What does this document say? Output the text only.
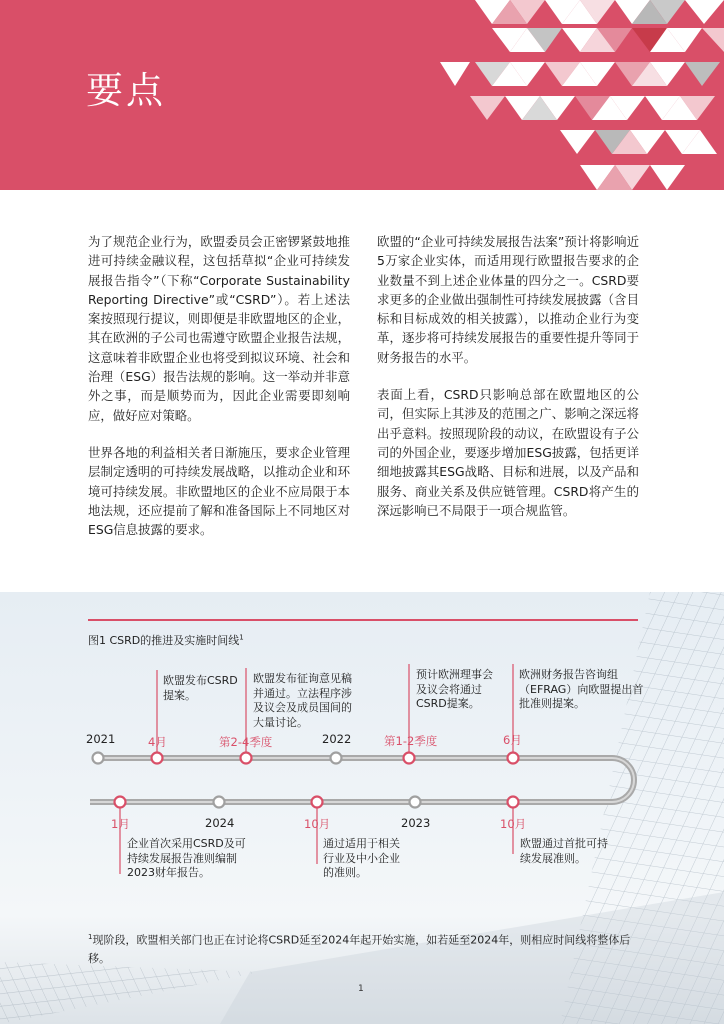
要点

为了规范企业行为，欧盟委员会正密锣紧鼓地推进可持续金融议程，这包括草拟“企业可持续发展报告指令”（下称“Corporate Sustainability Reporting Directive”或“CSRD”）。若上述法案按照现行提议，则即便是非欧盟地区的企业，其在欧洲的子公司也需遵守欧盟企业报告法规，这意味着非欧盟企业也将受到拟议环境、社会和治理（ESG）报告法规的影响。这一举动并非意外之事，而是顺势而为，因此企业需要即刻响应，做好应对策略。

世界各地的利益相关者日渐施压，要求企业管理层制定透明的可持续发展战略，以推动企业和环境可持续发展。非欧盟地区的企业不应局限于本地法规，还应提前了解和准备国际上不同地区对ESG信息披露的要求。

欧盟的“企业可持续发展报告法案”预计将影响近5万家企业实体，而适用现行欧盟报告要求的企业数量不到上述企业体量的四分之一。CSRD要求更多的企业做出强制性可持续发展披露（含目标和目标成效的相关披露），以推动企业行为变革，逐步将可持续发展报告的重要性提升等同于财务报告的水平。

表面上看，CSRD只影响总部在欧盟地区的公司，但实际上其涉及的范围之广、影响之深远将出乎意料。按照现阶段的动议，在欧盟设有子公司的外国企业，要逐步增加ESG披露，包括更详细地披露其ESG战略、目标和进展，以及产品和服务、商业关系及供应链管理。CSRD将产生的深远影响已不局限于一项合规监管。

图1 CSRD的推进及实施时间线$^1$
欧盟发布CSRD提案。
欧盟发布征询意见稿并通过。立法程序涉及议会及成员国间的大量讨论。
预计欧洲理事会及议会将通过CSRD提案。
欧洲财务报告咨询组（EFRAG）向欧盟提出首批准则提案。
2021	4月	第2-4季度	2022	第1-2季度	6月
1月	2024	10月	2023	10月
企业首次采用CSRD及可持续发展报告准则编制2023财年报告。
通过适用于相关行业及中小企业的准则。
欧盟通过首批可持续发展准则。
$^1$现阶段，欧盟相关部门也正在讨论将CSRD延至2024年起开始实施，如若延至2024年，则相应时间线将整体后移。
1
